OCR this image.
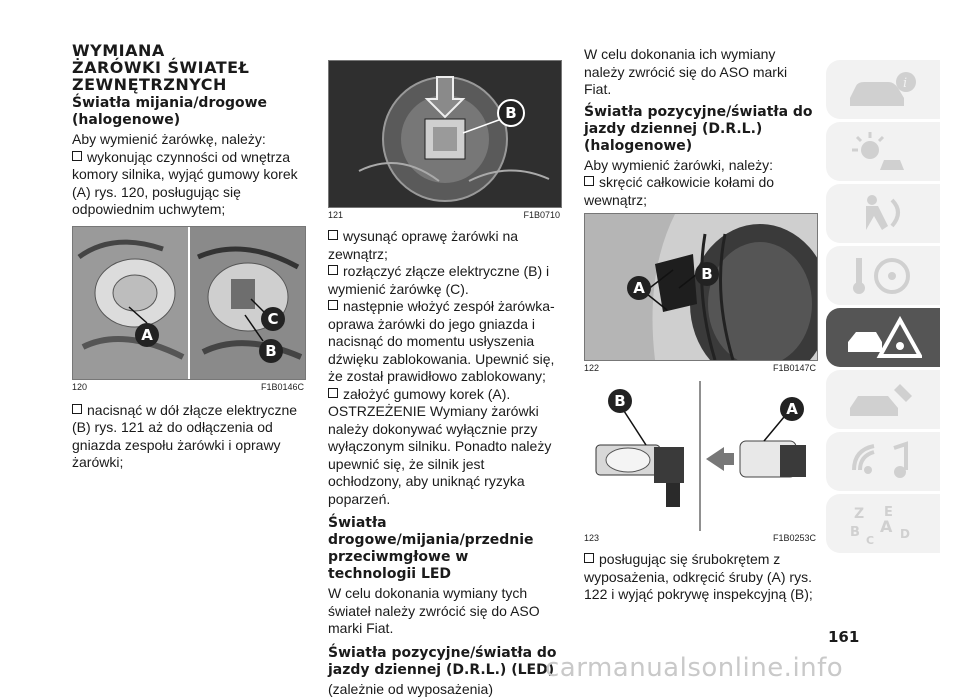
WYMIANA
ŻARÓWKI ŚWIATEŁ
ZEWNĘTRZNYCH
Światła mijania/drogowe (halogenowe)

Aby wymienić żarówkę, należy:

wykonując czynności od wnętrza komory silnika, wyjąć gumowy korek (A) rys. 120, posługując się odpowiednim uchwytem;

A
C
B
120	F1B0146C

nacisnąć w dół złącze elektryczne (B) rys. 121 aż do odłączenia od gniazda zespołu żarówki i oprawy żarówki;

B
121	F1B0710

wysunąć oprawę żarówki na zewnątrz;

rozłączyć złącze elektryczne (B) i wymienić żarówkę (C).

następnie włożyć zespół żarówka-oprawa żarówki do jego gniazda i nacisnąć do momentu usłyszenia dźwięku zablokowania. Upewnić się, że został prawidłowo zablokowany;

założyć gumowy korek (A).

OSTRZEŻENIE Wymiany żarówki należy dokonywać wyłącznie przy wyłączonym silniku. Ponadto należy upewnić się, że silnik jest ochłodzony, aby uniknąć ryzyka poparzeń.

Światła drogowe/mijania/przednie przeciwmgłowe w technologii LED

W celu dokonania wymiany tych świateł należy zwrócić się do ASO marki Fiat.

Światła pozycyjne/światła do jazdy dziennej (D.R.L.) (LED)

(zależnie od wyposażenia)

W celu dokonania ich wymiany należy zwrócić się do ASO marki Fiat.

Światła pozycyjne/światła do jazdy dziennej (D.R.L.) (halogenowe)

Aby wymienić żarówki, należy:

skręcić całkowicie kołami do wewnątrz;

A
B
122	F1B0147C
B	A
123	F1B0253C

posługując się śrubokrętem z wyposażenia, odkręcić śruby (A) rys. 122 i wyjąć pokrywę inspekcyjną (B);

i
Z E
B A
C D
161
carmanualsonline.info
